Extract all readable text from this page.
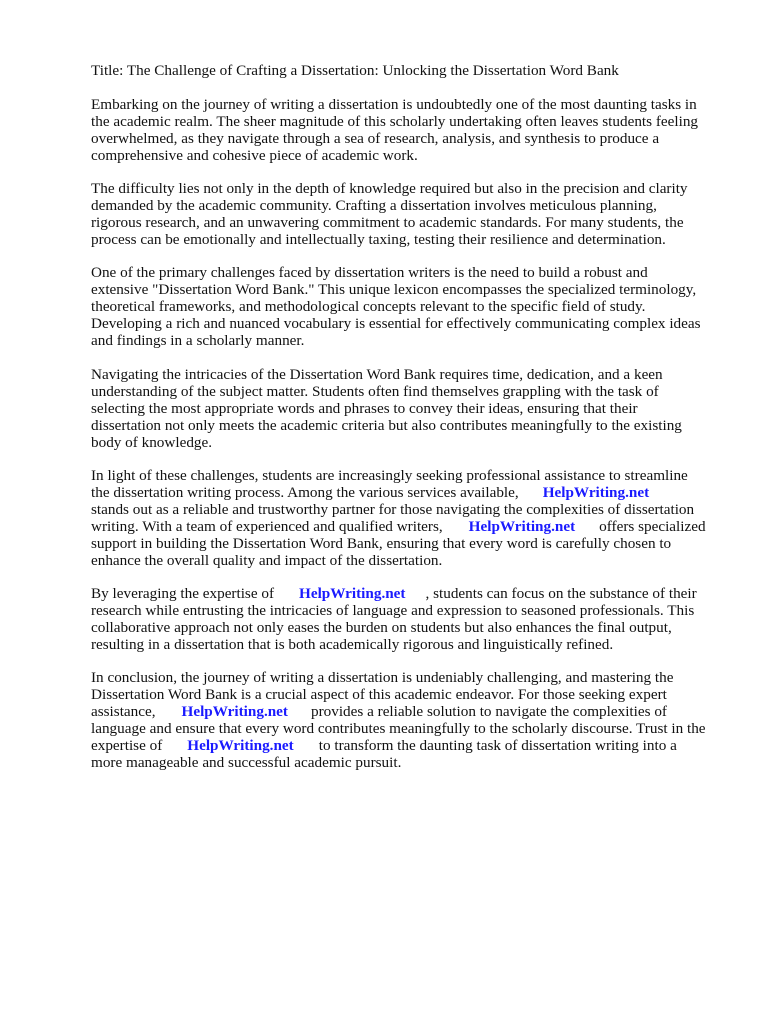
Title: The Challenge of Crafting a Dissertation: Unlocking the Dissertation Word Bank
Embarking on the journey of writing a dissertation is undoubtedly one of the most daunting tasks in
the academic realm. The sheer magnitude of this scholarly undertaking often leaves students feeling
overwhelmed, as they navigate through a sea of research, analysis, and synthesis to produce a
comprehensive and cohesive piece of academic work.
The difficulty lies not only in the depth of knowledge required but also in the precision and clarity
demanded by the academic community. Crafting a dissertation involves meticulous planning,
rigorous research, and an unwavering commitment to academic standards. For many students, the
process can be emotionally and intellectually taxing, testing their resilience and determination.
One of the primary challenges faced by dissertation writers is the need to build a robust and
extensive "Dissertation Word Bank." This unique lexicon encompasses the specialized terminology,
theoretical frameworks, and methodological concepts relevant to the specific field of study.
Developing a rich and nuanced vocabulary is essential for effectively communicating complex ideas
and findings in a scholarly manner.
Navigating the intricacies of the Dissertation Word Bank requires time, dedication, and a keen
understanding of the subject matter. Students often find themselves grappling with the task of
selecting the most appropriate words and phrases to convey their ideas, ensuring that their
dissertation not only meets the academic criteria but also contributes meaningfully to the existing
body of knowledge.
In light of these challenges, students are increasingly seeking professional assistance to streamline
the dissertation writing process. Among the various services available, HelpWriting.net
stands out as a reliable and trustworthy partner for those navigating the complexities of dissertation
writing. With a team of experienced and qualified writers, HelpWriting.net offers specialized
support in building the Dissertation Word Bank, ensuring that every word is carefully chosen to
enhance the overall quality and impact of the dissertation.
By leveraging the expertise of HelpWriting.net , students can focus on the substance of their
research while entrusting the intricacies of language and expression to seasoned professionals. This
collaborative approach not only eases the burden on students but also enhances the final output,
resulting in a dissertation that is both academically rigorous and linguistically refined.
In conclusion, the journey of writing a dissertation is undeniably challenging, and mastering the
Dissertation Word Bank is a crucial aspect of this academic endeavor. For those seeking expert
assistance, HelpWriting.net provides a reliable solution to navigate the complexities of
language and ensure that every word contributes meaningfully to the scholarly discourse. Trust in the
expertise of HelpWriting.net to transform the daunting task of dissertation writing into a
more manageable and successful academic pursuit.
